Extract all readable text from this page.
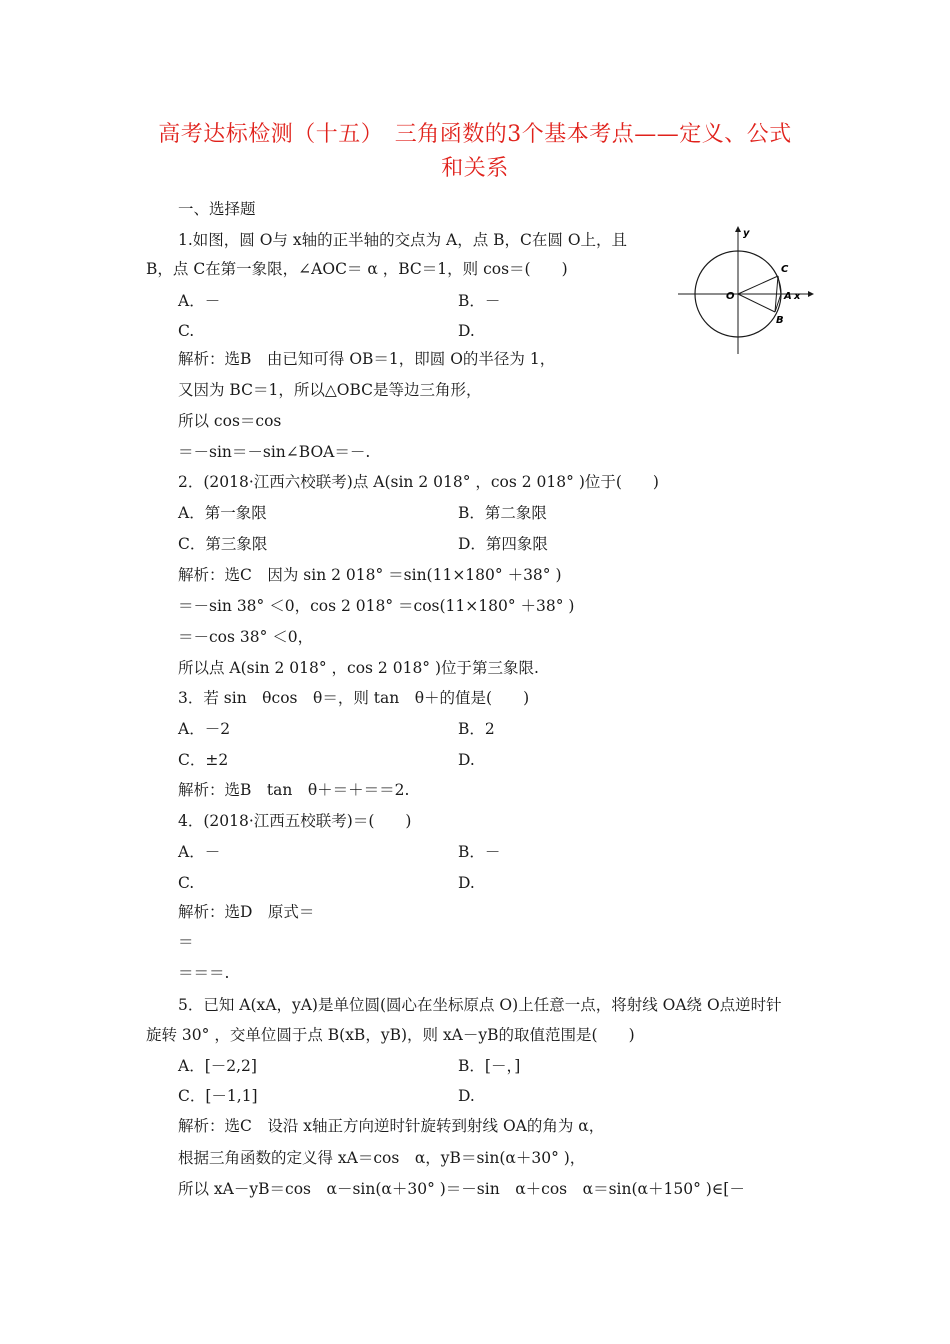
高考达标检测（十五）　三角函数的3个基本考点——定义、公式
和关系
一、选择题
y
x
C
O	A
B
1.如图，圆 O与 x轴的正半轴的交点为 A，点 B，C在圆 O上，且
B，点 C在第一象限，∠AOC＝ α ，BC＝1，则 cos＝(　　)
A．－	B．－
C.	D.
解析：选B　由已知可得 OB＝1，即圆 O的半径为 1，
又因为 BC＝1，所以△OBC是等边三角形，
所以 cos＝cos
＝－sin＝－sin∠BOA＝－.
2．(2018·江西六校联考)点 A(sin 2 018° ，cos 2 018° )位于(　　)
A．第一象限	B．第二象限
C．第三象限	D．第四象限
解析：选C　因为 sin 2 018° ＝sin(11×180° ＋38° )
＝－sin 38° ＜0，cos 2 018° ＝cos(11×180° ＋38° )
＝－cos 38° ＜0，
所以点 A(sin 2 018° ，cos 2 018° )位于第三象限.
3．若 sin　θcos　θ＝，则 tan　θ＋的值是(　　)
A．－2	B．2
C．±2	D.
解析：选B　tan　θ＋＝＋＝＝2.
4．(2018·江西五校联考)＝(　　)
A．－	B．－
C.	D.
解析：选D　原式＝
＝
＝＝＝.
5．已知 A(xA，yA)是单位圆(圆心在坐标原点 O)上任意一点，将射线 OA绕 O点逆时针
旋转 30° ，交单位圆于点 B(xB，yB)，则 xA－yB的取值范围是(　　)
A．[－2,2]	B．[－，]
C．[－1,1]	D.
解析：选C　设沿 x轴正方向逆时针旋转到射线 OA的角为 α，
根据三角函数的定义得 xA＝cos　α，yB＝sin(α＋30° )，
所以 xA－yB＝cos　α－sin(α＋30° )＝－sin　α＋cos　α＝sin(α＋150° )∈[－
